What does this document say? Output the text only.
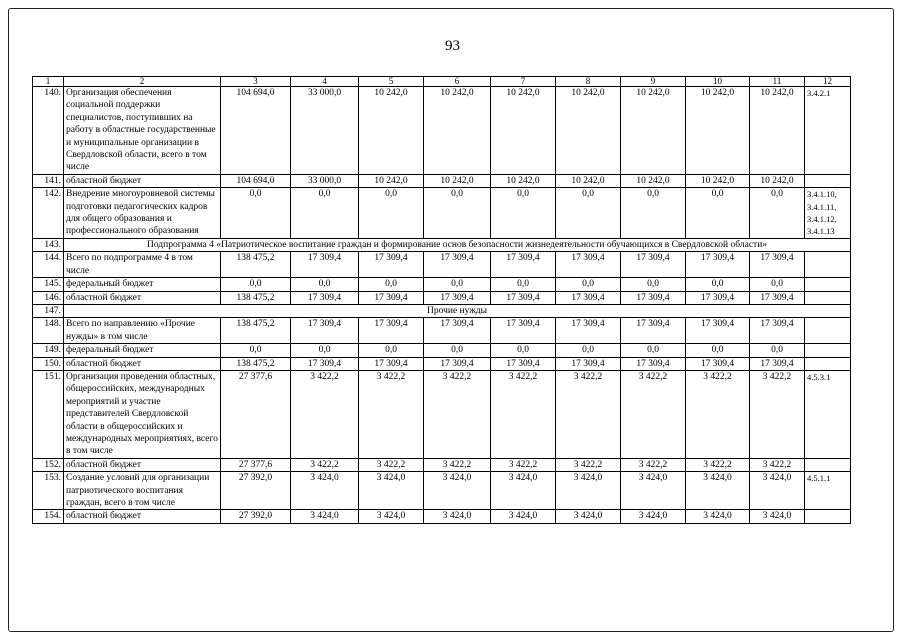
93
1	2	3	4	5	6	7	8	9	10	11	12
140.	Организация обеспечения социальной поддержки специалистов, поступивших на работу в областные государственные и муниципальные организации в Свердловской области, всего в том числе	104 694,0	33 000,0	10 242,0	10 242,0	10 242,0	10 242,0	10 242,0	10 242,0	10 242,0	3.4.2.1
141.	областной бюджет	104 694,0	33 000,0	10 242,0	10 242,0	10 242,0	10 242,0	10 242,0	10 242,0	10 242,0	
142.	Внедрение многоуровневой системы подготовки педагогических кадров для общего образования и профессионального образования	0,0	0,0	0,0	0,0	0,0	0,0	0,0	0,0	0,0	3.4.1.10, 3.4.1.11, 3.4.1.12, 3.4.1.13
143.	Подпрограмма 4 «Патриотическое воспитание граждан и формирование основ безопасности жизнедеятельности обучающихся в Свердловской области»										
144.	Всего по подпрограмме 4 в том числе	138 475,2	17 309,4	17 309,4	17 309,4	17 309,4	17 309,4	17 309,4	17 309,4	17 309,4	
145.	федеральный бюджет	0,0	0,0	0,0	0,0	0,0	0,0	0,0	0,0	0,0	
146.	областной бюджет	138 475,2	17 309,4	17 309,4	17 309,4	17 309,4	17 309,4	17 309,4	17 309,4	17 309,4	
147.	Прочие нужды										
148.	Всего по направлению «Прочие нужды» в том числе	138 475,2	17 309,4	17 309,4	17 309,4	17 309,4	17 309,4	17 309,4	17 309,4	17 309,4	
149.	федеральный бюджет	0,0	0,0	0,0	0,0	0,0	0,0	0,0	0,0	0,0	
150.	областной бюджет	138 475,2	17 309,4	17 309,4	17 309,4	17 309,4	17 309,4	17 309,4	17 309,4	17 309,4	
151.	Организация проведения областных, общероссийских, международных мероприятий и участие представителей Свердловской области в общероссийских и международных мероприятиях, всего в том числе	27 377,6	3 422,2	3 422,2	3 422,2	3 422,2	3 422,2	3 422,2	3 422,2	3 422,2	4.5.3.1
152.	областной бюджет	27 377,6	3 422,2	3 422,2	3 422,2	3 422,2	3 422,2	3 422,2	3 422,2	3 422,2	
153.	Создание условий для организации патриотического воспитания граждан, всего в том числе	27 392,0	3 424,0	3 424,0	3 424,0	3 424,0	3 424,0	3 424,0	3 424,0	3 424,0	4.5.1.1
154.	областной бюджет	27 392,0	3 424,0	3 424,0	3 424,0	3 424,0	3 424,0	3 424,0	3 424,0	3 424,0	
